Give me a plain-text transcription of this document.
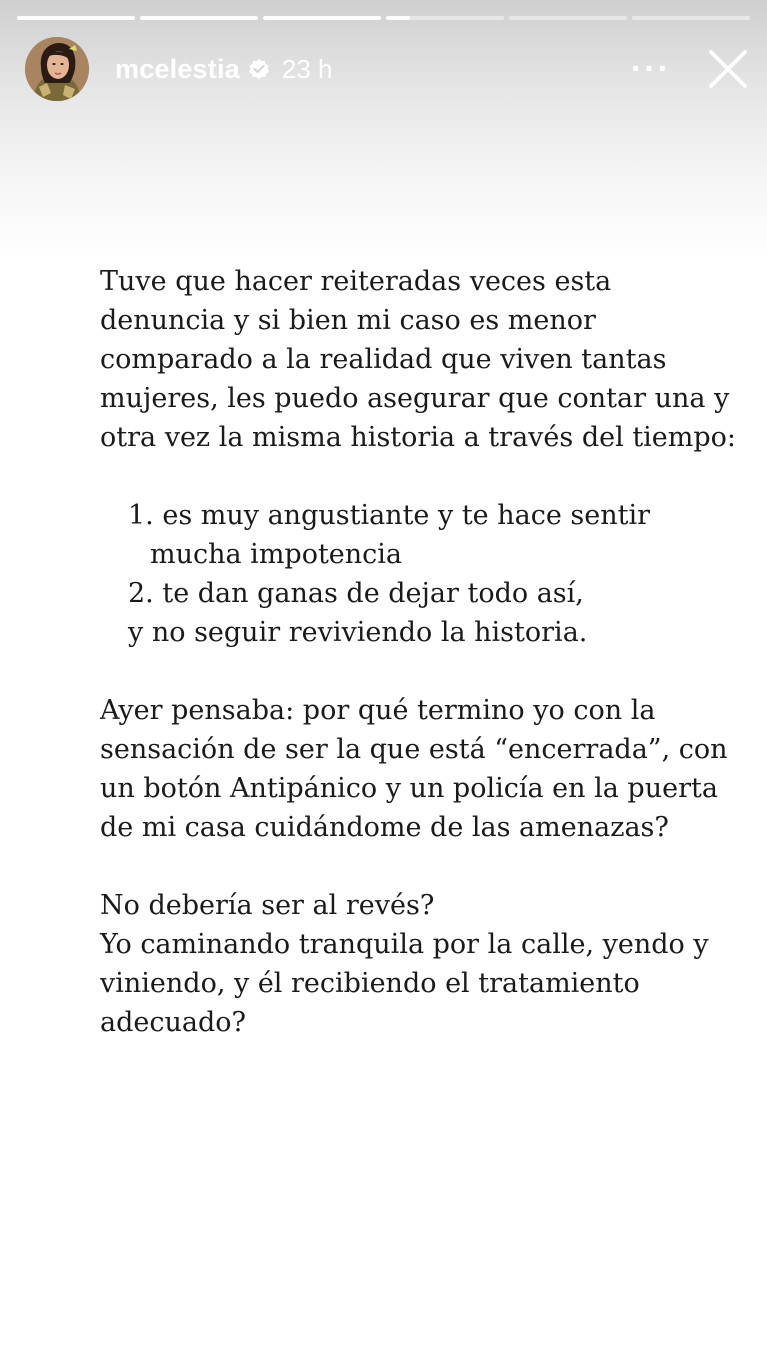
mcelestia 23 h	···

Tuve que hacer reiteradas veces esta denuncia y si bien mi caso es menor comparado a la realidad que viven tantas mujeres, les puedo asegurar que contar una y otra vez la misma historia a través del tiempo:

1. es muy angustiante y te hace sentir
mucha impotencia
2. te dan ganas de dejar todo así,
y no seguir reviviendo la historia.

Ayer pensaba: por qué termino yo con la sensación de ser la que está “encerrada”, con un botón Antipánico y un policía en la puerta de mi casa cuidándome de las amenazas?

No debería ser al revés?

Yo caminando tranquila por la calle, yendo y viniendo, y él recibiendo el tratamiento adecuado?
